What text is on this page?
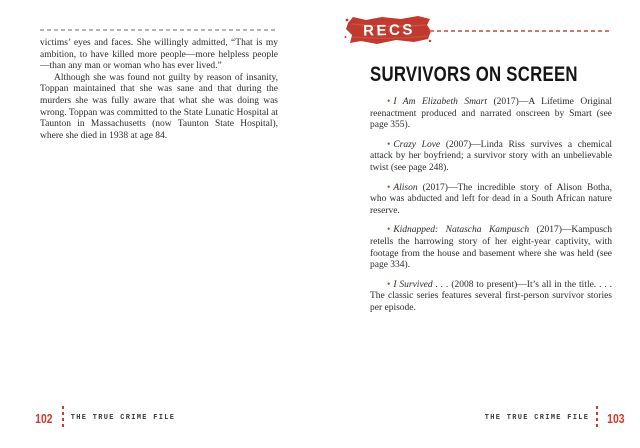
victims’ eyes and faces. She willingly admitted, “That is my ambition, to have killed more people—more helpless people—than any man or woman who has ever lived.”

Although she was found not guilty by reason of insanity, Toppan maintained that she was sane and that during the murders she was fully aware that what she was doing was wrong. Toppan was committed to the State Lunatic Hospital at Taunton in Massachusetts (now Taunton State Hospital), where she died in 1938 at age 84.

102	THE TRUE CRIME FILE
RECS
SURVIVORS ON SCREEN

• I Am Elizabeth Smart (2017)—A Lifetime Original reenactment produced and narrated onscreen by Smart (see page 355).

• Crazy Love (2007)—Linda Riss survives a chemical attack by her boyfriend; a survivor story with an unbelievable twist (see page 248).

• Alison (2017)—The incredible story of Alison Botha, who was abducted and left for dead in a South African nature reserve.

• Kidnapped: Natascha Kampusch (2017)—Kampusch retells the harrowing story of her eight-year captivity, with footage from the house and basement where she was held (see page 334).

• I Survived . . . (2008 to present)—It’s all in the title. . . . The classic series features several first-person survivor stories per episode.

THE TRUE CRIME FILE 103
